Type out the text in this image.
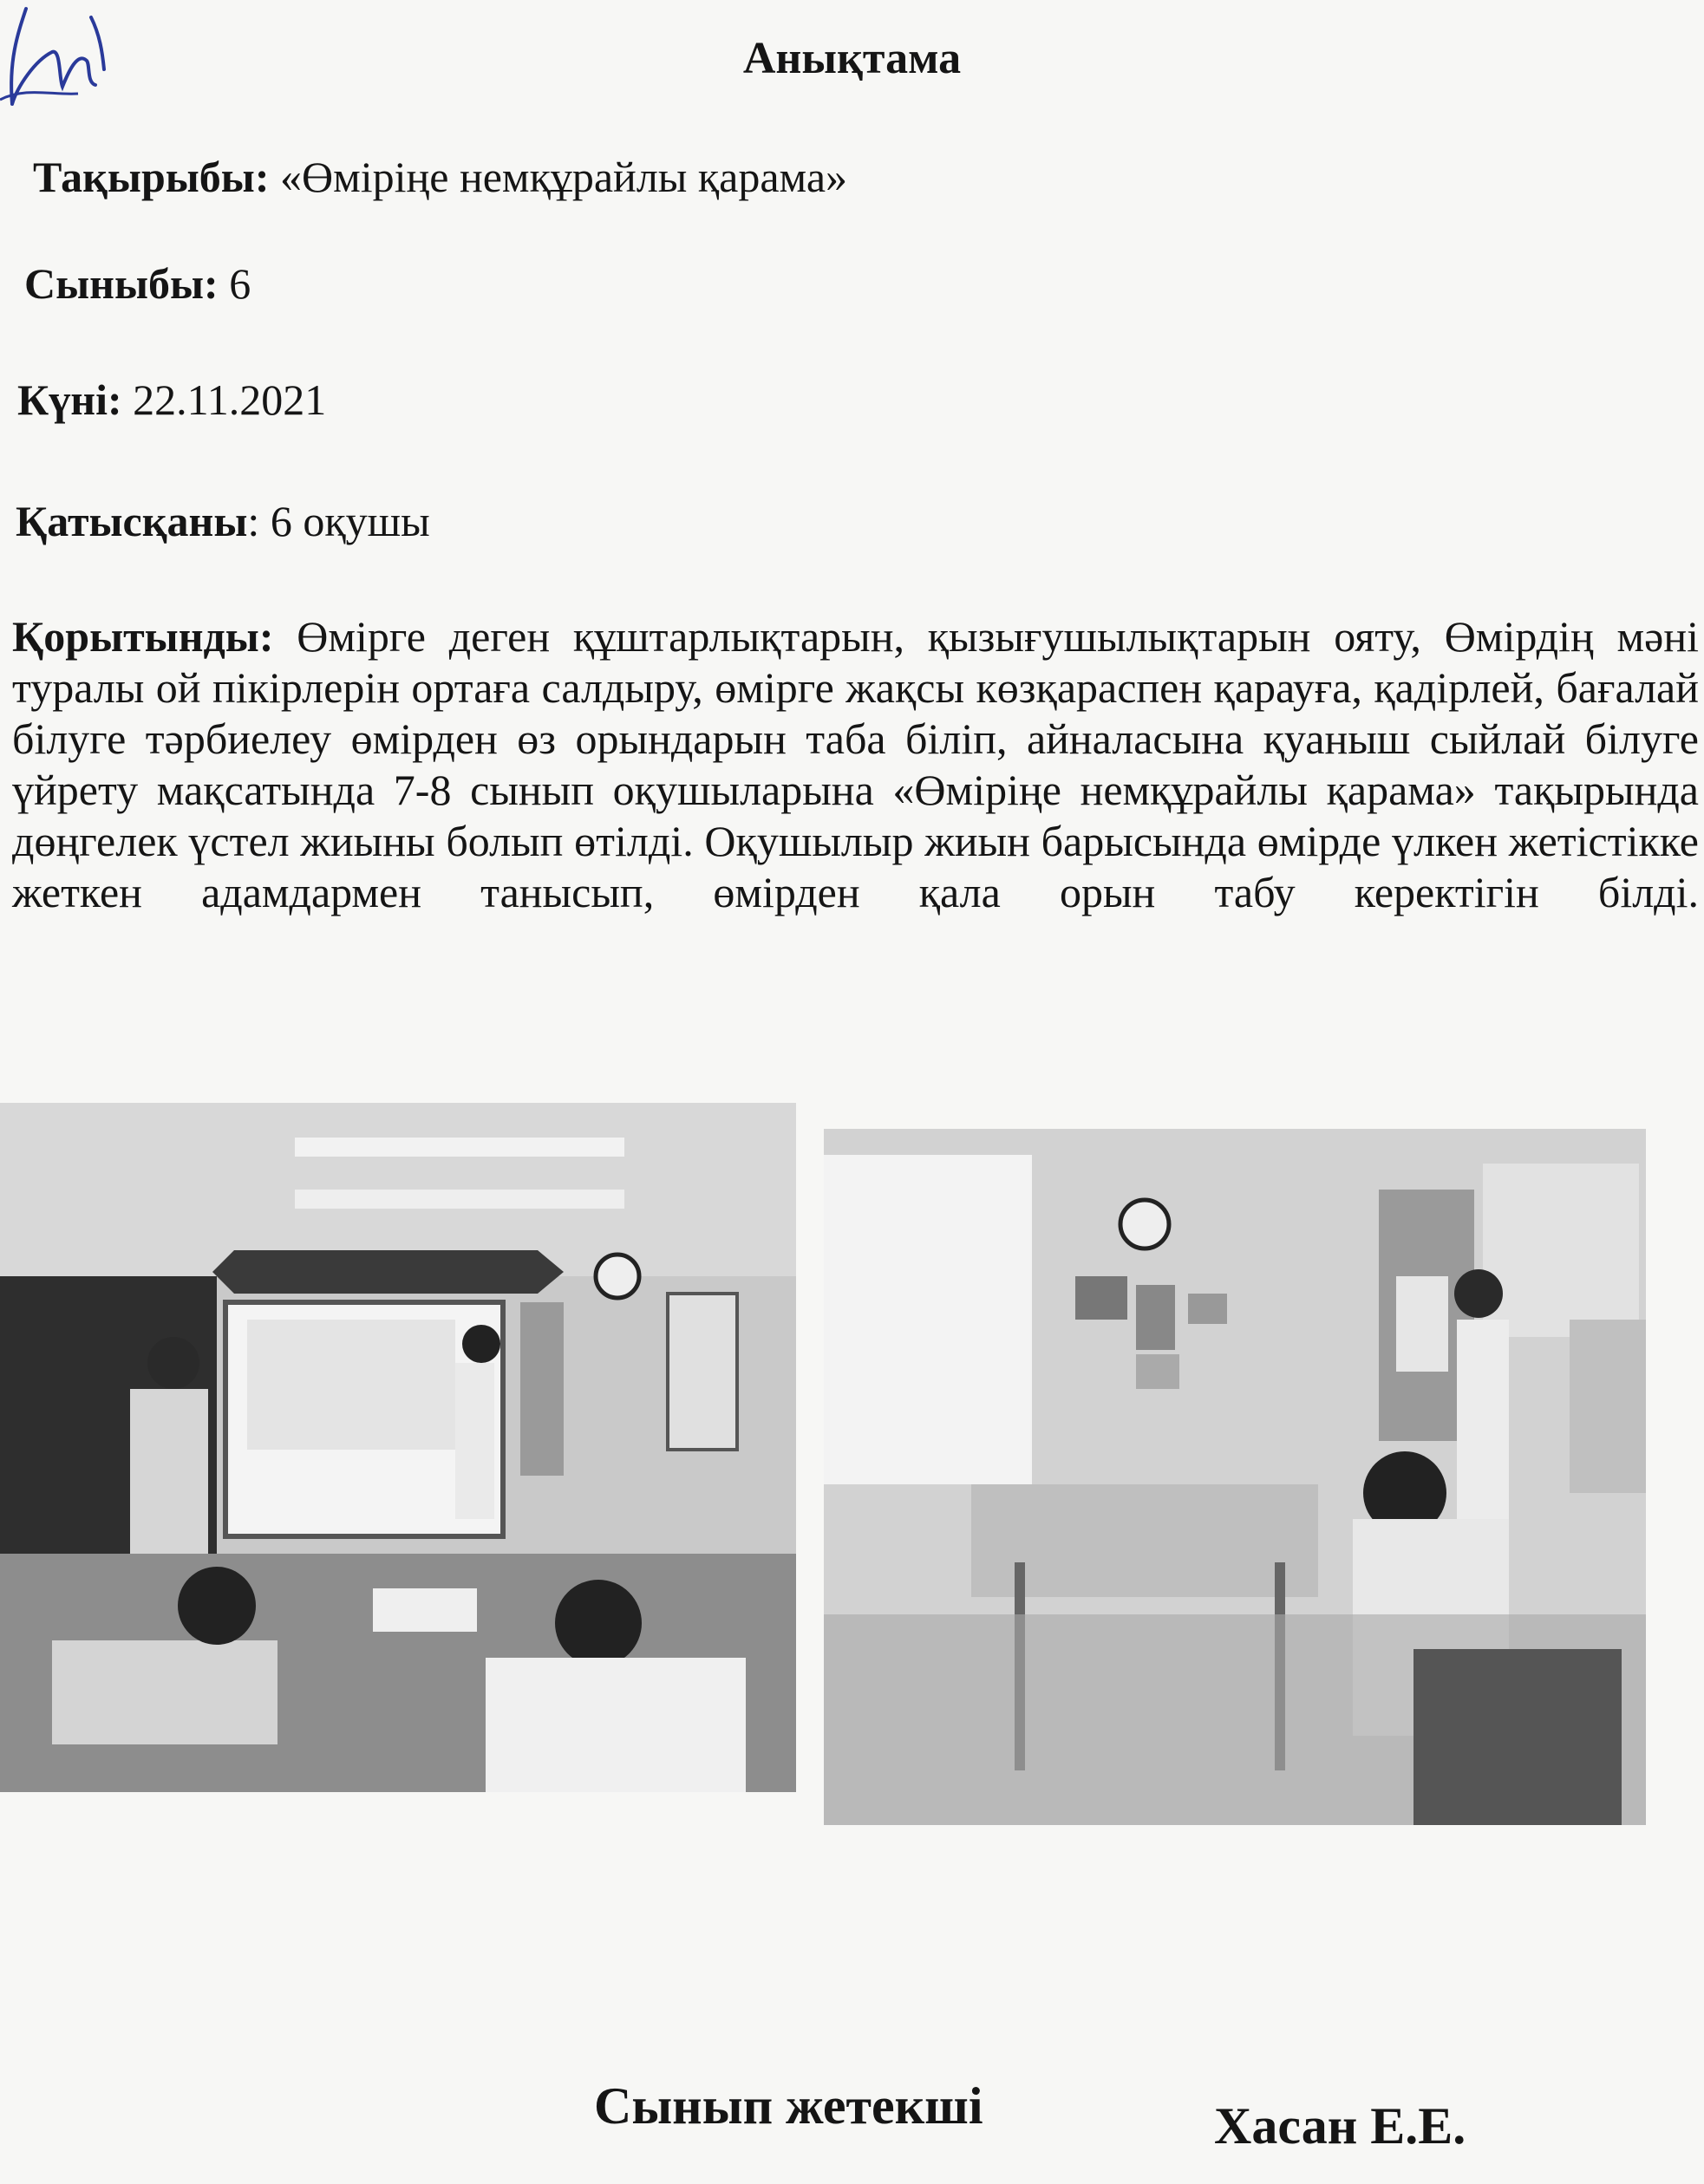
Анықтама
Тақырыбы: «Өміріңе немқұрайлы қарама»
Сыныбы: 6
Күні: 22.11.2021
Қатысқаны: 6 оқушы
Қорытынды: Өмірге деген құштарлықтарын, қызығушылықтарын ояту, Өмірдің мәні туралы ой пікірлерін ортаға салдыру, өмірге жақсы көзқараспен қарауға, қадірлей, бағалай білуге тәрбиелеу өмірден өз орындарын таба біліп, айналасына қуаныш сыйлай білуге үйрету мақсатында 7-8 сынып оқушыларына «Өміріңе немқұрайлы қарама» тақырында дөңгелек үстел жиыны болып өтілді. Оқушылыр жиын барысында өмірде үлкен жетістікке жеткен адамдармен танысып, өмірден қала орын табу керектігін білді.
Сынып жетекші	Хасан Е.Е.
